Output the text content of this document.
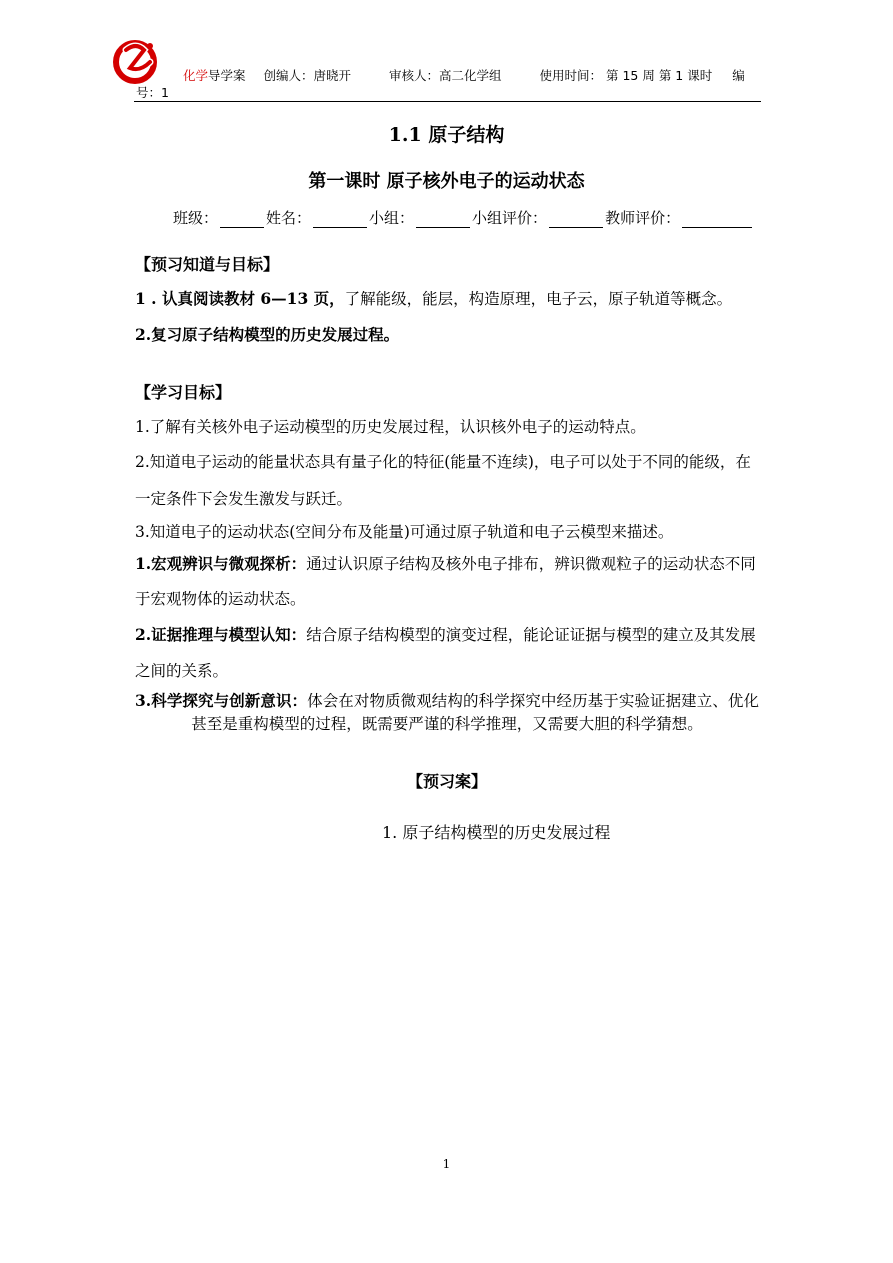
化学导学案 创编人：唐晓开	审核人：高二化学组	使用时间： 第 15 周 第 1 课时 编
号：1
1.1 原子结构
第一课时 原子核外电子的运动状态
班级：	姓名：	小组：	小组评价：	教师评价：

【预习知道与目标】

1 . 认真阅读教材 6—13 页，了解能级，能层，构造原理，电子云，原子轨道等概念。

2.复习原子结构模型的历史发展过程。

【学习目标】

1.了解有关核外电子运动模型的历史发展过程，认识核外电子的运动特点。

2.知道电子运动的能量状态具有量子化的特征(能量不连续)，电子可以处于不同的能级，在一定条件下会发生激发与跃迁。

3.知道电子的运动状态(空间分布及能量)可通过原子轨道和电子云模型来描述。

1.宏观辨识与微观探析：通过认识原子结构及核外电子排布，辨识微观粒子的运动状态不同于宏观物体的运动状态。

2.证据推理与模型认知：结合原子结构模型的演变过程，能论证证据与模型的建立及其发展之间的关系。

3.科学探究与创新意识：体会在对物质微观结构的科学探究中经历基于实验证据建立、优化甚至是重构模型的过程，既需要严谨的科学推理，又需要大胆的科学猜想。

【预习案】

1. 原子结构模型的历史发展过程

1
